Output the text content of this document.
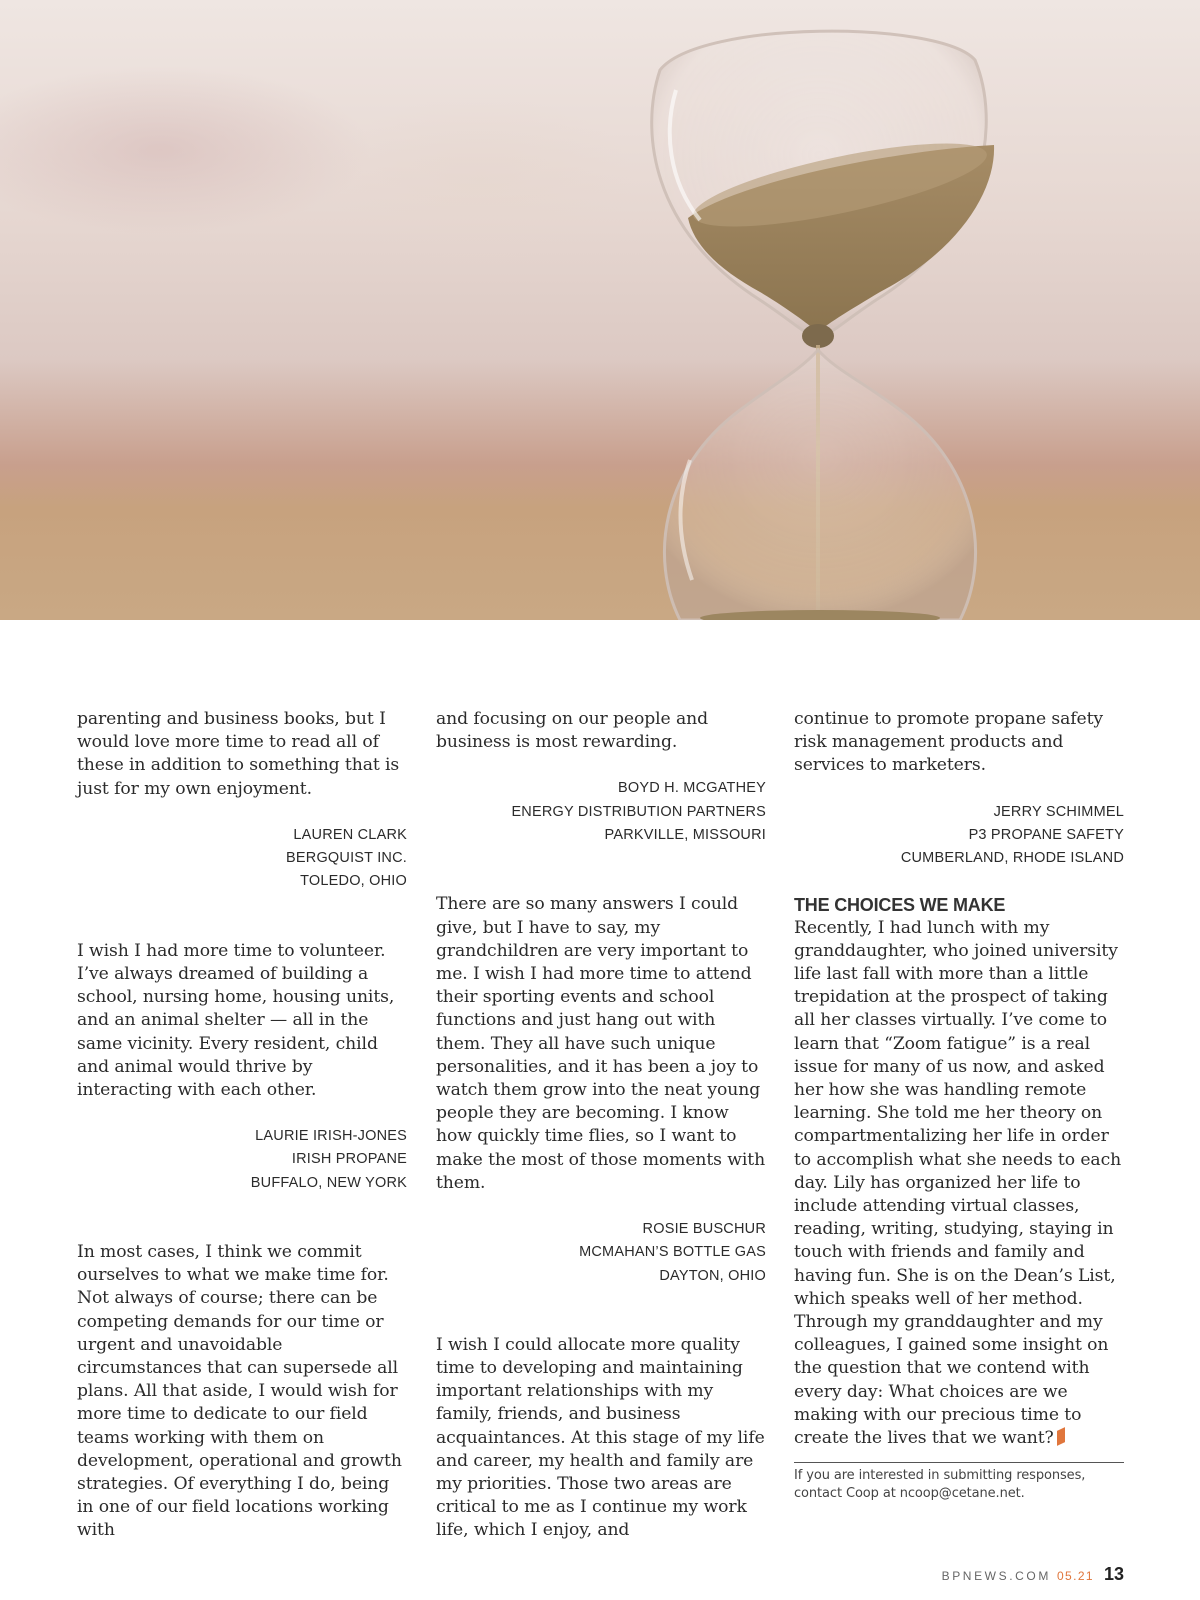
parenting and business books, but I would love more time to read all of these in addition to something that is just for my own enjoyment.

LAUREN CLARK
BERGQUIST INC.
TOLEDO, OHIO

I wish I had more time to volunteer. I’ve always dreamed of building a school, nursing home, housing units, and an animal shelter — all in the same vicinity. Every resident, child and animal would thrive by interacting with each other.

LAURIE IRISH-JONES
IRISH PROPANE
BUFFALO, NEW YORK

In most cases, I think we commit ourselves to what we make time for. Not always of course; there can be competing demands for our time or urgent and unavoidable circumstances that can supersede all plans. All that aside, I would wish for more time to dedicate to our field teams working with them on development, operational and growth strategies. Of everything I do, being in one of our field locations working with

and focusing on our people and business is most rewarding.

BOYD H. MCGATHEY
ENERGY DISTRIBUTION PARTNERS
PARKVILLE, MISSOURI

There are so many answers I could give, but I have to say, my grandchildren are very important to me. I wish I had more time to attend their sporting events and school functions and just hang out with them. They all have such unique personalities, and it has been a joy to watch them grow into the neat young people they are becoming. I know how quickly time flies, so I want to make the most of those moments with them.

ROSIE BUSCHUR
MCMAHAN’S BOTTLE GAS
DAYTON, OHIO

I wish I could allocate more quality time to developing and maintaining important relationships with my family, friends, and business acquaintances. At this stage of my life and career, my health and family are my priorities. Those two areas are critical to me as I continue my work life, which I enjoy, and

continue to promote propane safety risk management products and services to marketers.

JERRY SCHIMMEL
P3 PROPANE SAFETY
CUMBERLAND, RHODE ISLAND
THE CHOICES WE MAKE

Recently, I had lunch with my granddaughter, who joined university life last fall with more than a little trepidation at the prospect of taking all her classes virtually. I’ve come to learn that “Zoom fatigue” is a real issue for many of us now, and asked her how she was handling remote learning. She told me her theory on compartmentalizing her life in order to accomplish what she needs to each day. Lily has organized her life to include attending virtual classes, reading, writing, studying, staying in touch with friends and family and having fun. She is on the Dean’s List, which speaks well of her method. Through my granddaughter and my colleagues, I gained some insight on the question that we contend with every day: What choices are we making with our precious time to create the lives that we want?

If you are interested in submitting responses, contact Coop at ncoop@cetane.net.
BPNEWS.COM 05.21 13
